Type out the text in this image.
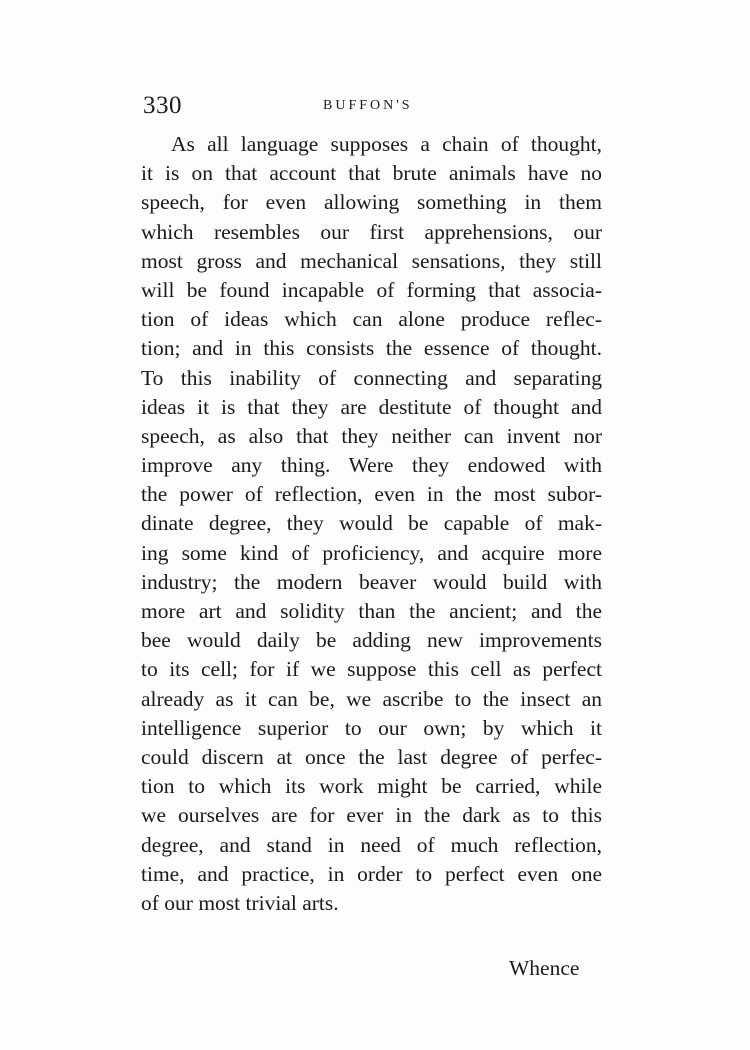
330	BUFFON'S
As all language supposes a chain of thought,
it is on that account that brute animals have no
speech, for even allowing something in them
which resembles our first apprehensions, our
most gross and mechanical sensations, they still
will be found incapable of forming that associa-
tion of ideas which can alone produce reflec-
tion; and in this consists the essence of thought.
To this inability of connecting and separating
ideas it is that they are destitute of thought and
speech, as also that they neither can invent nor
improve any thing. Were they endowed with
the power of reflection, even in the most subor-
dinate degree, they would be capable of mak-
ing some kind of proficiency, and acquire more
industry; the modern beaver would build with
more art and solidity than the ancient; and the
bee would daily be adding new improvements
to its cell; for if we suppose this cell as perfect
already as it can be, we ascribe to the insect an
intelligence superior to our own; by which it
could discern at once the last degree of perfec-
tion to which its work might be carried, while
we ourselves are for ever in the dark as to this
degree, and stand in need of much reflection,
time, and practice, in order to perfect even one
of our most trivial arts.
Whence
